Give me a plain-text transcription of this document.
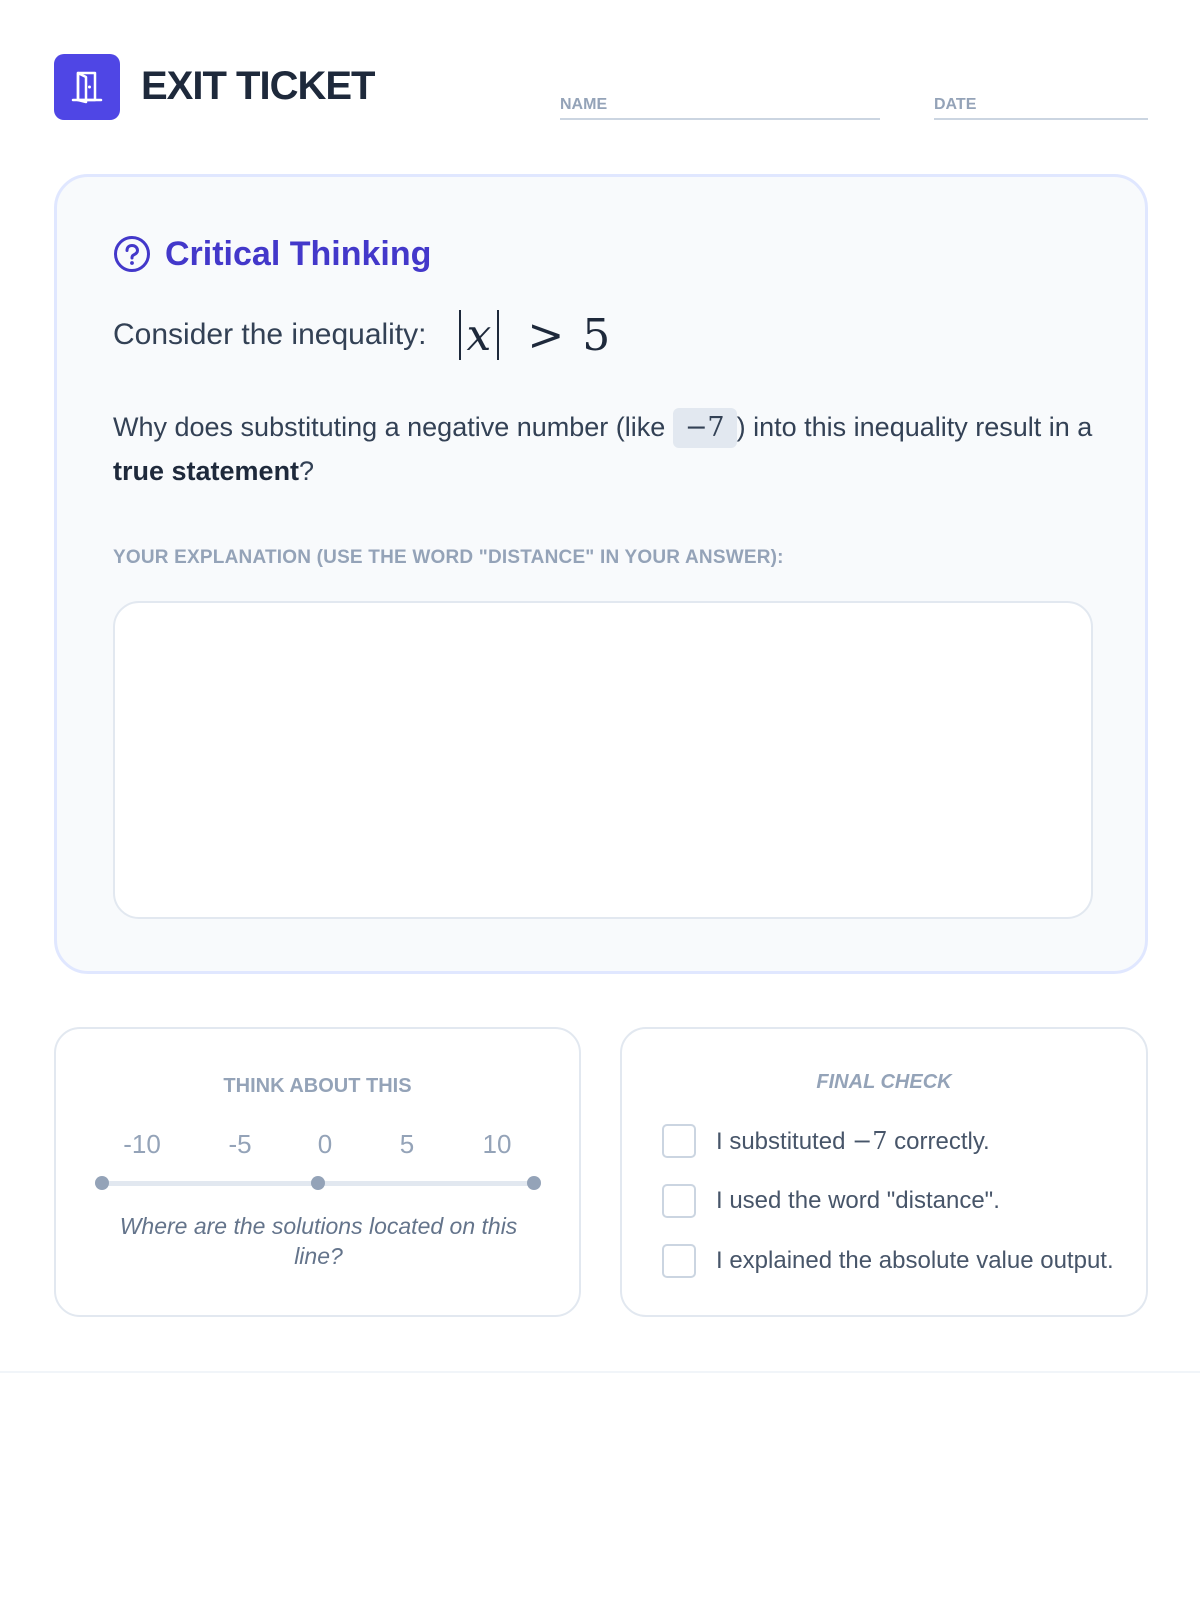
EXIT TICKET	NAME	DATE
Critical Thinking
Consider the inequality: x > 5
Why does substituting a negative number (like −7 ) into this inequality result in a true statement?
YOUR EXPLANATION (USE THE WORD "DISTANCE" IN YOUR ANSWER):
THINK ABOUT THIS
-10	-5	0	5	10
Where are the solutions located on this line?
FINAL CHECK
I substituted −7 correctly.
I used the word "distance".
I explained the absolute value output.
